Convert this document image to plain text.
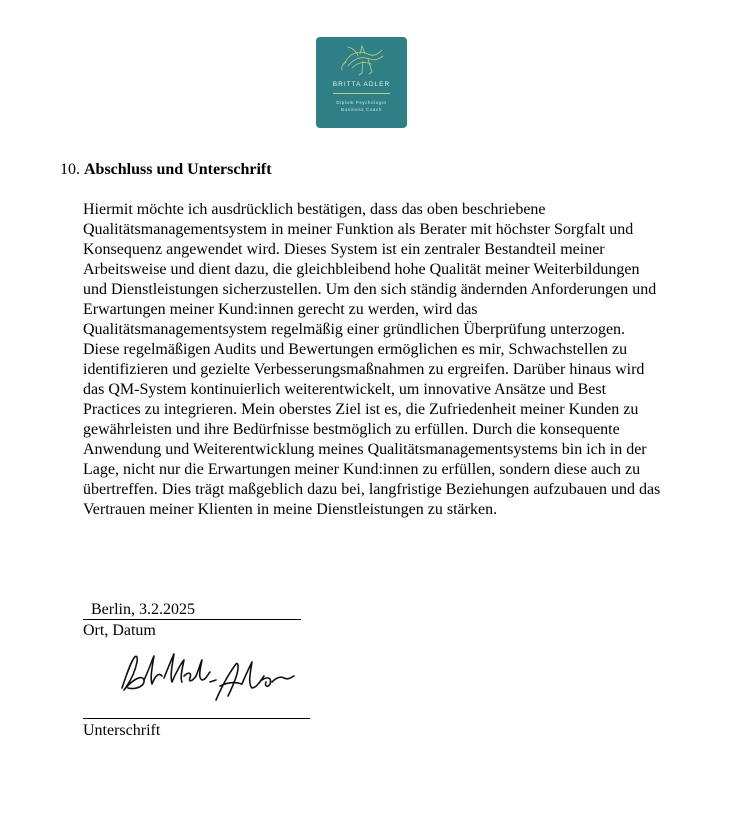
BRITTA ADLER
Diplom Psychologin
Business Coach
10. Abschluss und Unterschrift

Hiermit möchte ich ausdrücklich bestätigen, dass das oben beschriebene Qualitätsmanagementsystem in meiner Funktion als Berater mit höchster Sorgfalt und Konsequenz angewendet wird. Dieses System ist ein zentraler Bestandteil meiner Arbeitsweise und dient dazu, die gleichbleibend hohe Qualität meiner Weiterbildungen und Dienstleistungen sicherzustellen. Um den sich ständig ändernden Anforderungen und Erwartungen meiner Kund:innen gerecht zu werden, wird das Qualitätsmanagementsystem regelmäßig einer gründlichen Überprüfung unterzogen. Diese regelmäßigen Audits und Bewertungen ermöglichen es mir, Schwachstellen zu identifizieren und gezielte Verbesserungsmaßnahmen zu ergreifen. Darüber hinaus wird das QM-System kontinuierlich weiterentwickelt, um innovative Ansätze und Best Practices zu integrieren. Mein oberstes Ziel ist es, die Zufriedenheit meiner Kunden zu gewährleisten und ihre Bedürfnisse bestmöglich zu erfüllen. Durch die konsequente Anwendung und Weiterentwicklung meines Qualitätsmanagementsystems bin ich in der Lage, nicht nur die Erwartungen meiner Kund:innen zu erfüllen, sondern diese auch zu übertreffen. Dies trägt maßgeblich dazu bei, langfristige Beziehungen aufzubauen und das Vertrauen meiner Klienten in meine Dienstleistungen zu stärken.

Berlin, 3.2.2025
Ort, Datum
Unterschrift
